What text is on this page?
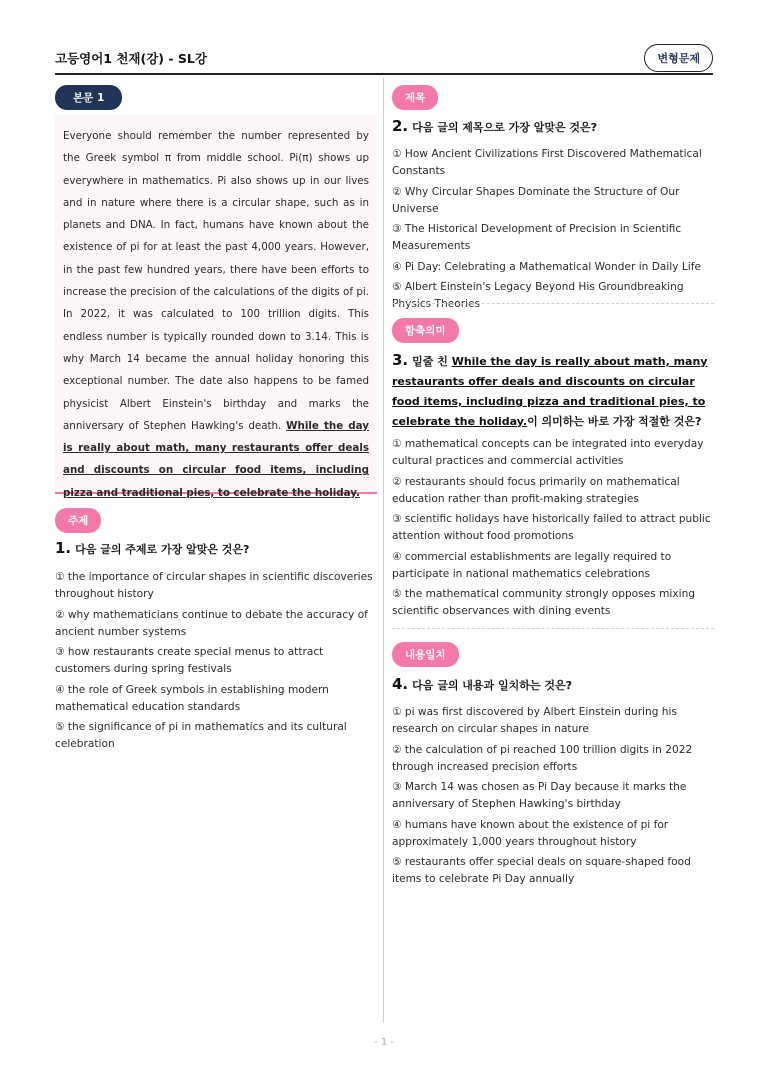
고등영어1 천재(강) - SL강	변형문제
본문 1

Everyone should remember the number represented by the Greek symbol π from middle school. Pi(π) shows up everywhere in mathematics. Pi also shows up in our lives and in nature where there is a circular shape, such as in planets and DNA. In fact, humans have known about the existence of pi for at least the past 4,000 years. However, in the past few hundred years, there have been efforts to increase the precision of the calculations of the digits of pi. In 2022, it was calculated to 100 trillion digits. This endless number is typically rounded down to 3.14. This is why March 14 became the annual holiday honoring this exceptional number. The date also happens to be famed physicist Albert Einstein's birthday and marks the anniversary of Stephen Hawking's death. While the day is really about math, many restaurants offer deals and discounts on circular food items, including pizza and traditional pies, to celebrate the holiday.

주제
1. 다음 글의 주제로 가장 알맞은 것은?
① the importance of circular shapes in scientific discoveries throughout history
② why mathematicians continue to debate the accuracy of ancient number systems
③ how restaurants create special menus to attract customers during spring festivals
④ the role of Greek symbols in establishing modern mathematical education standards
⑤ the significance of pi in mathematics and its cultural celebration
제목
2. 다음 글의 제목으로 가장 알맞은 것은?
① How Ancient Civilizations First Discovered Mathematical Constants
② Why Circular Shapes Dominate the Structure of Our Universe
③ The Historical Development of Precision in Scientific Measurements
④ Pi Day: Celebrating a Mathematical Wonder in Daily Life
⑤ Albert Einstein's Legacy Beyond His Groundbreaking Physics Theories
함축의미
3. 밑줄 친 While the day is really about math, many restaurants offer deals and discounts on circular food items, including pizza and traditional pies, to celebrate the holiday.이 의미하는 바로 가장 적절한 것은?
① mathematical concepts can be integrated into everyday cultural practices and commercial activities
② restaurants should focus primarily on mathematical education rather than profit-making strategies
③ scientific holidays have historically failed to attract public attention without food promotions
④ commercial establishments are legally required to participate in national mathematics celebrations
⑤ the mathematical community strongly opposes mixing scientific observances with dining events
내용일치
4. 다음 글의 내용과 일치하는 것은?
① pi was first discovered by Albert Einstein during his research on circular shapes in nature
② the calculation of pi reached 100 trillion digits in 2022 through increased precision efforts
③ March 14 was chosen as Pi Day because it marks the anniversary of Stephen Hawking's birthday
④ humans have known about the existence of pi for approximately 1,000 years throughout history
⑤ restaurants offer special deals on square-shaped food items to celebrate Pi Day annually
- 1 -
